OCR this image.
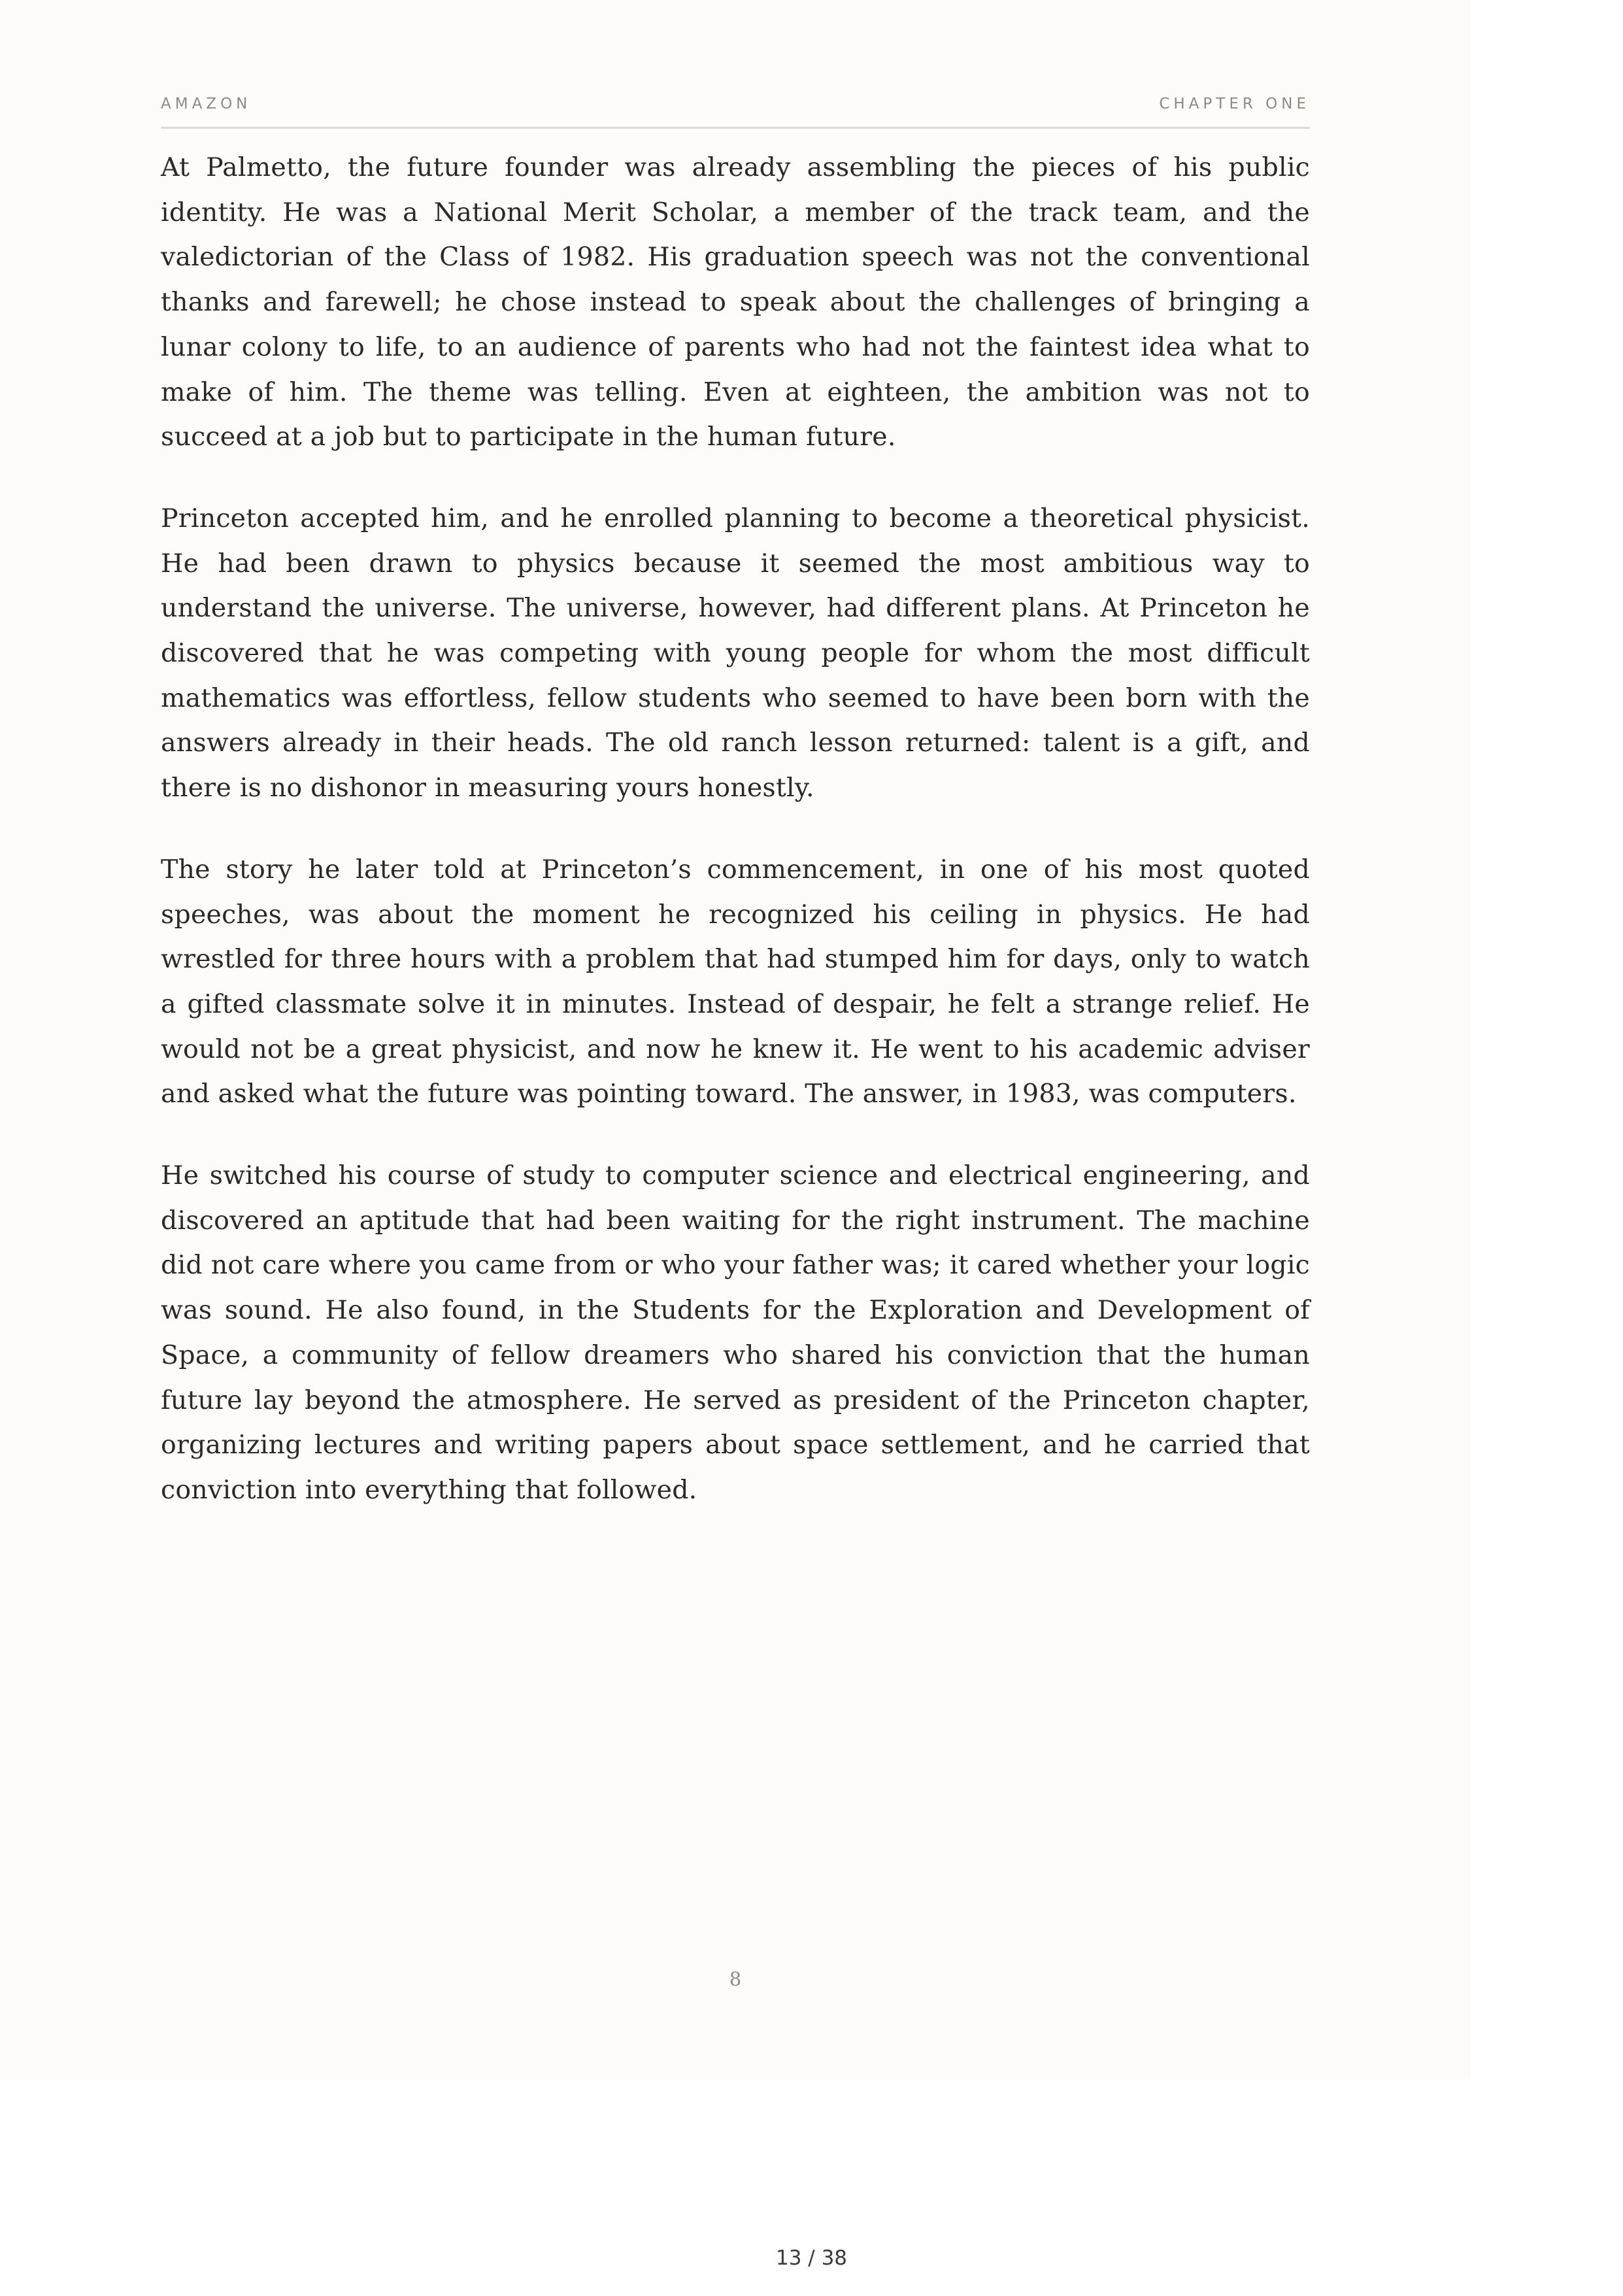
AMAZON	CHAPTER ONE

At Palmetto, the future founder was already assembling the pieces of his public identity. He was a National Merit Scholar, a member of the track team, and the valedictorian of the Class of 1982. His graduation speech was not the conventional thanks and farewell; he chose instead to speak about the challenges of bringing a lunar colony to life, to an audience of parents who had not the faintest idea what to make of him. The theme was telling. Even at eighteen, the ambition was not to succeed at a job but to participate in the human future.

Princeton accepted him, and he enrolled planning to become a theoretical physicist. He had been drawn to physics because it seemed the most ambitious way to understand the universe. The universe, however, had different plans. At Princeton he discovered that he was competing with young people for whom the most difficult mathematics was effortless, fellow students who seemed to have been born with the answers already in their heads. The old ranch lesson returned: talent is a gift, and there is no dishonor in measuring yours honestly.

The story he later told at Princeton’s commencement, in one of his most quoted speeches, was about the moment he recognized his ceiling in physics. He had wrestled for three hours with a problem that had stumped him for days, only to watch a gifted classmate solve it in minutes. Instead of despair, he felt a strange relief. He would not be a great physicist, and now he knew it. He went to his academic adviser and asked what the future was pointing toward. The answer, in 1983, was computers.

He switched his course of study to computer science and electrical engineering, and discovered an aptitude that had been waiting for the right instrument. The machine did not care where you came from or who your father was; it cared whether your logic was sound. He also found, in the Students for the Exploration and Development of Space, a community of fellow dreamers who shared his conviction that the human future lay beyond the atmosphere. He served as president of the Princeton chapter, organizing lectures and writing papers about space settlement, and he carried that conviction into everything that followed.

8
13 / 38
